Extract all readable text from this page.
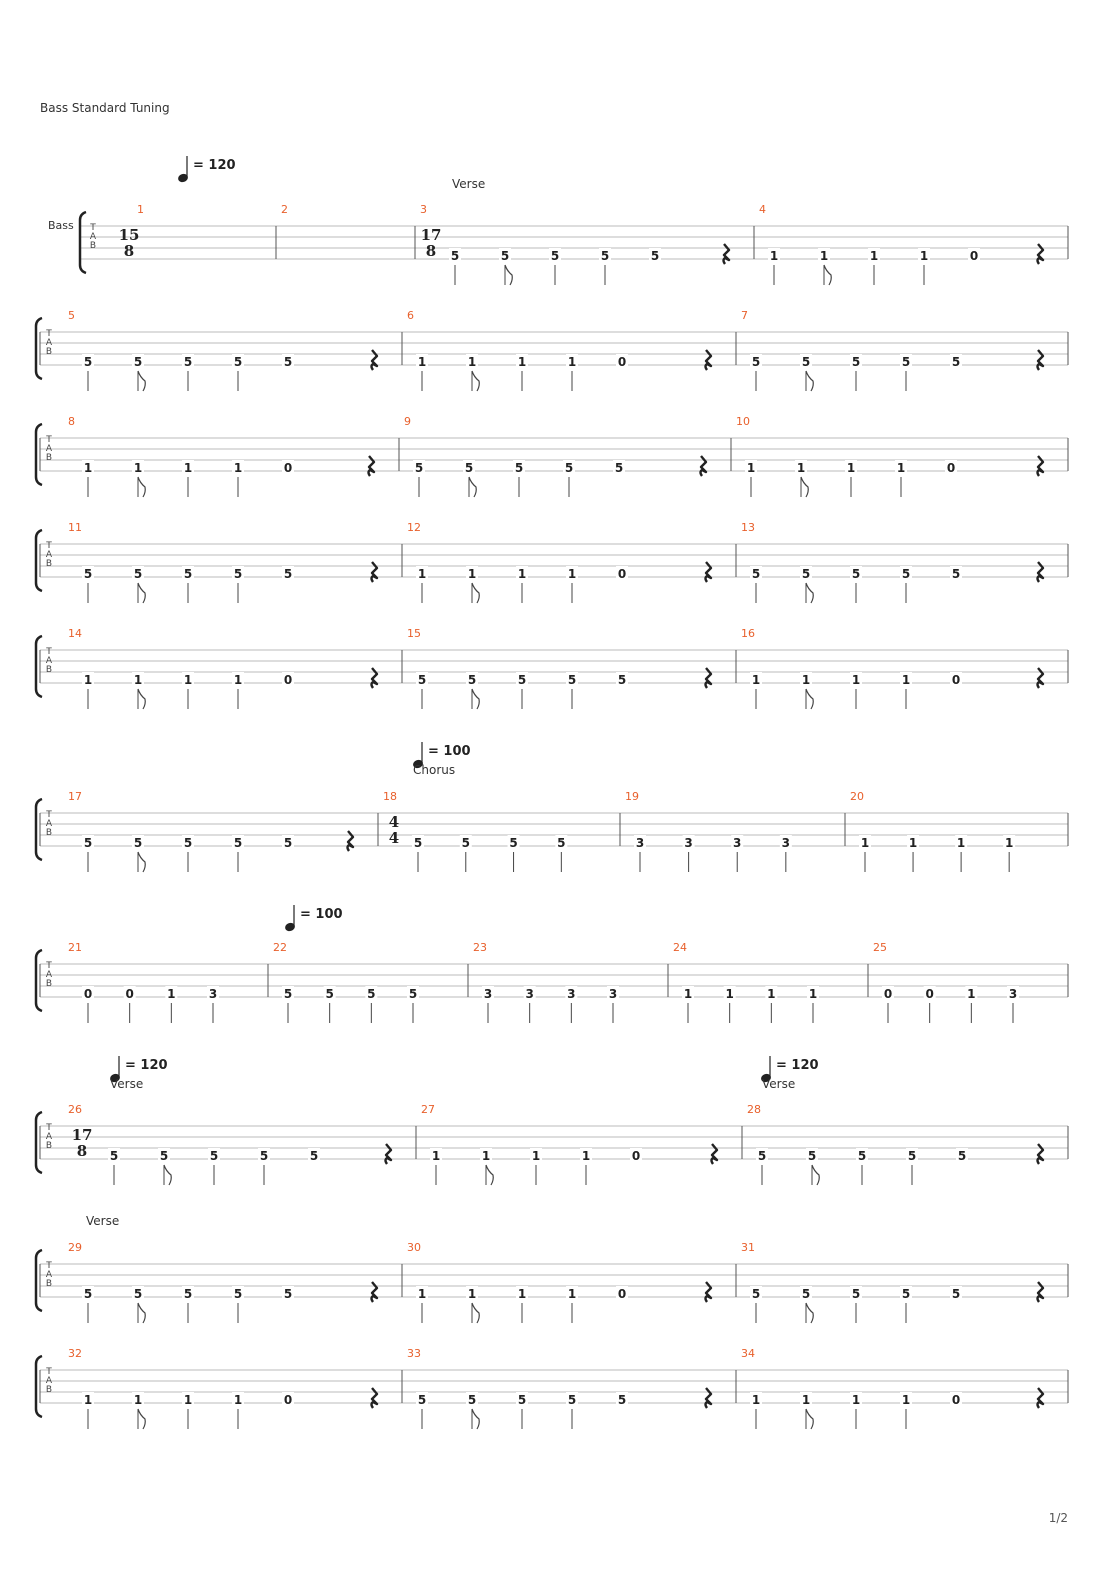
Bass Standard Tuning
T
A
B
Bass
1
15
8
2	3
17
8 5	5	5	5	5
4
1	1	1	1	0
= 120
Verse
T
A
B
5
5	5	5	5	5
6
1	1	1	1	0
7
5	5	5	5	5
T
A
B
8
1	1	1	1	0
9
5	5	5	5	5
10
1	1	1	1	0
T
A
B
11
5	5	5	5	5
12
1	1	1	1	0
13
5	5	5	5	5
T
A
B
14
1	1	1	1	0
15
5	5	5	5	5
16
1	1	1	1	0
T
A
B
17
5	5	5	5	5
18
4
4 5	5	5	5
19
3	3	3	3
20
1	1	1	1
= 100
Chorus
T
A
B
21
0	0	1	3
22
5	5	5	5
23
3	3	3	3
24
1	1	1	1
25
0	0	1	3
= 100
T
A
B
26
17
8 5	5	5	5	5
27
1	1	1	1	0
28
5	5	5	5	5
= 120
Verse
= 120
Verse
T
A
B
29
5	5	5	5	5
30
1	1	1	1	0
31
5	5	5	5	5
Verse
T
A
B
32
1	1	1	1	0
33
5	5	5	5	5
34
1	1	1	1	0
1/2
